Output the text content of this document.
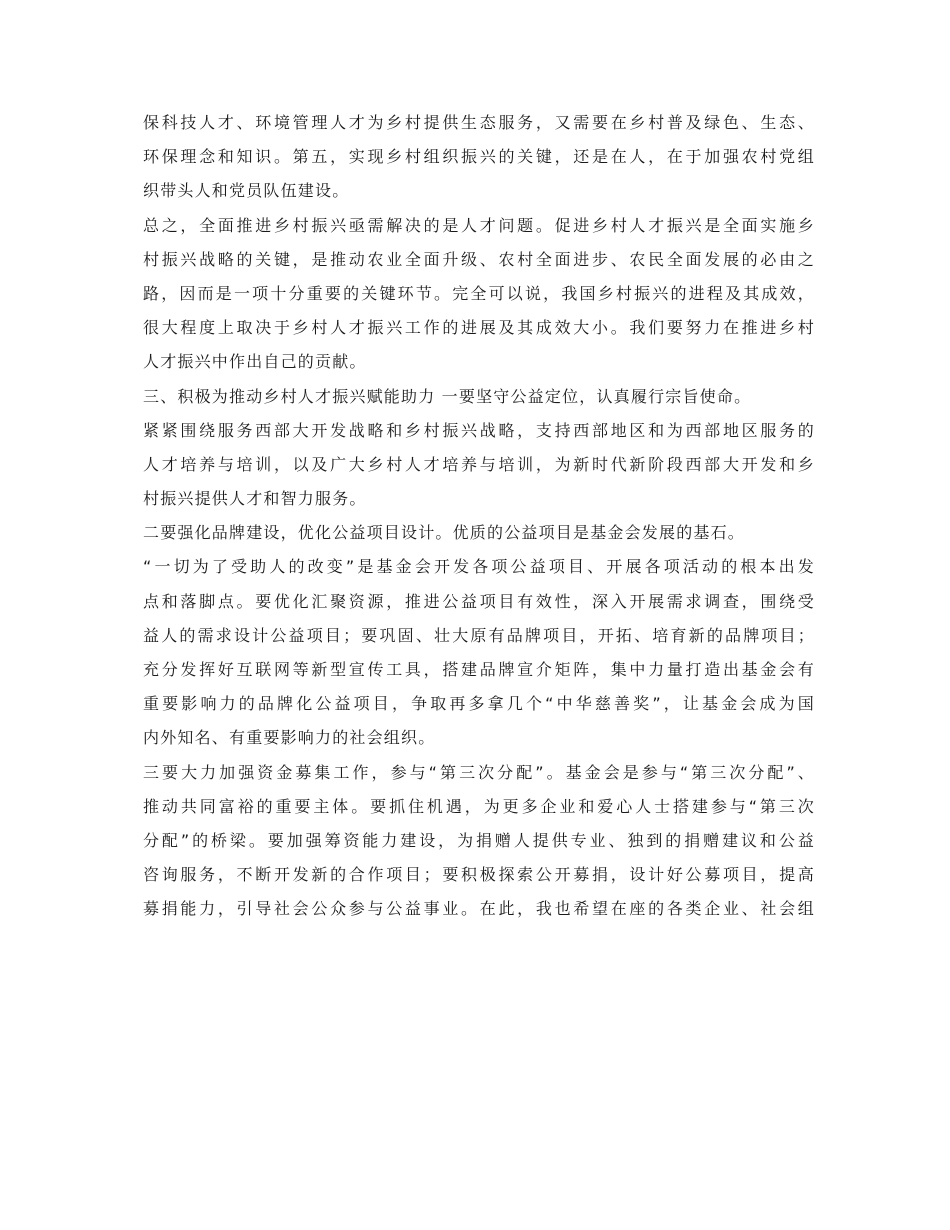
保科技人才、环境管理人才为乡村提供生态服务，又需要在乡村普及绿色、生态、
环保理念和知识。第五，实现乡村组织振兴的关键，还是在人，在于加强农村党组
织带头人和党员队伍建设。
总之，全面推进乡村振兴亟需解决的是人才问题。促进乡村人才振兴是全面实施乡
村振兴战略的关键，是推动农业全面升级、农村全面进步、农民全面发展的必由之
路，因而是一项十分重要的关键环节。完全可以说，我国乡村振兴的进程及其成效，
很大程度上取决于乡村人才振兴工作的进展及其成效大小。我们要努力在推进乡村
人才振兴中作出自己的贡献。
三、积极为推动乡村人才振兴赋能助力 一要坚守公益定位，认真履行宗旨使命。
紧紧围绕服务西部大开发战略和乡村振兴战略，支持西部地区和为西部地区服务的
人才培养与培训，以及广大乡村人才培养与培训，为新时代新阶段西部大开发和乡
村振兴提供人才和智力服务。
二要强化品牌建设，优化公益项目设计。优质的公益项目是基金会发展的基石。
“一切为了受助人的改变”是基金会开发各项公益项目、开展各项活动的根本出发
点和落脚点。要优化汇聚资源，推进公益项目有效性，深入开展需求调查，围绕受
益人的需求设计公益项目；要巩固、壮大原有品牌项目，开拓、培育新的品牌项目；
充分发挥好互联网等新型宣传工具，搭建品牌宣介矩阵，集中力量打造出基金会有
重要影响力的品牌化公益项目，争取再多拿几个“中华慈善奖”，让基金会成为国
内外知名、有重要影响力的社会组织。
三要大力加强资金募集工作，参与“第三次分配”。基金会是参与“第三次分配”、
推动共同富裕的重要主体。要抓住机遇，为更多企业和爱心人士搭建参与“第三次
分配”的桥梁。要加强筹资能力建设，为捐赠人提供专业、独到的捐赠建议和公益
咨询服务，不断开发新的合作项目；要积极探索公开募捐，设计好公募项目，提高
募捐能力，引导社会公众参与公益事业。在此，我也希望在座的各类企业、社会组
